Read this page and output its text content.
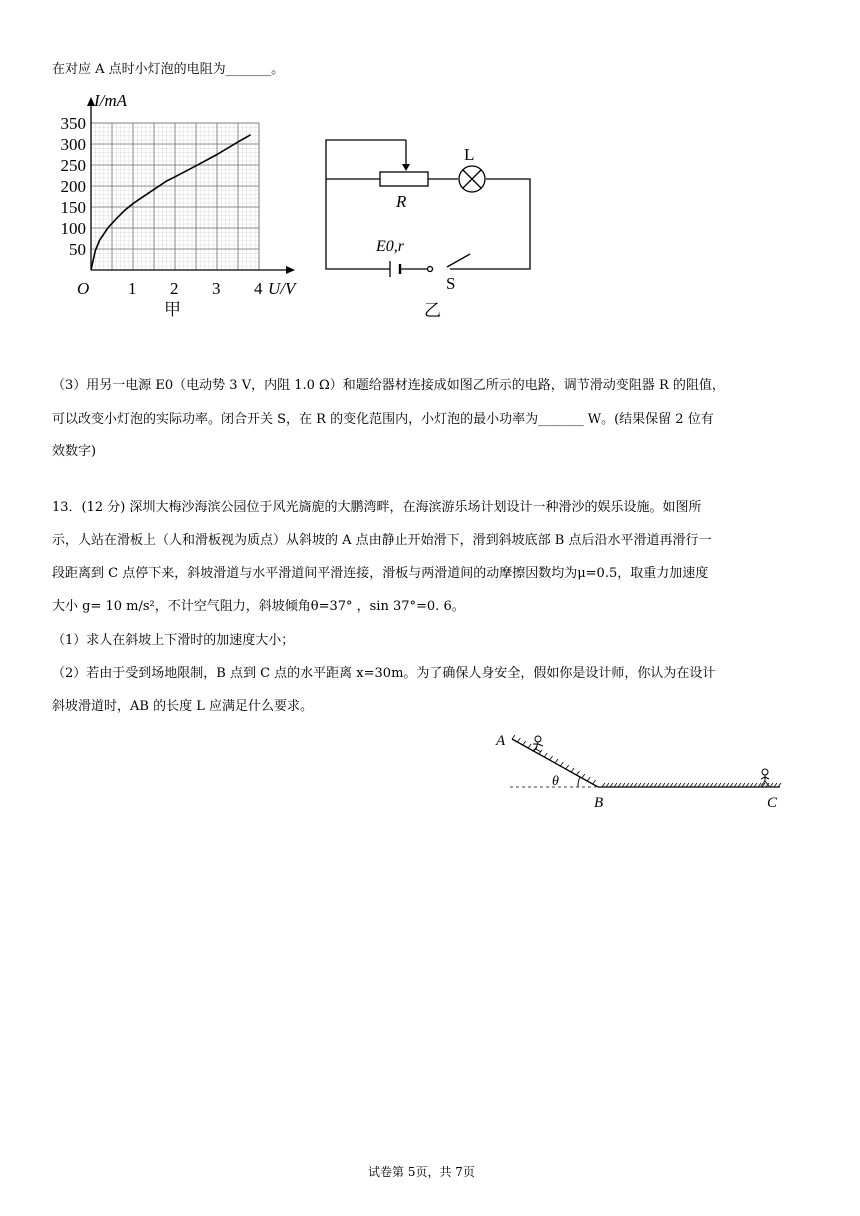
在对应 A 点时小灯泡的电阻为_______。
1 2 3 4
50
100
150
200
250
300
350
I/mA
U/V
O
甲
R
L
E0,r
S
乙
（3）用另一电源 E0（电动势 3 V，内阻 1.0 Ω）和题给器材连接成如图乙所示的电路，调节滑动变阻器 R 的阻值，
可以改变小灯泡的实际功率。闭合开关 S，在 R 的变化范围内，小灯泡的最小功率为_______ W。(结果保留 2 位有
效数字)
13．(12 分) 深圳大梅沙海滨公园位于风光旖旎的大鹏湾畔，在海滨游乐场计划设计一种滑沙的娱乐设施。如图所
示，人站在滑板上（人和滑板视为质点）从斜坡的 A 点由静止开始滑下，滑到斜坡底部 B 点后沿水平滑道再滑行一
段距离到 C 点停下来，斜坡滑道与水平滑道间平滑连接，滑板与两滑道间的动摩擦因数均为μ=0.5，取重力加速度
大小 g= 10 m/s²，不计空气阻力，斜坡倾角θ=37° ，sin 37°=0. 6。
（1）求人在斜坡上下滑时的加速度大小；
（2）若由于受到场地限制，B 点到 C 点的水平距离 x=30m。为了确保人身安全，假如你是设计师，你认为在设计
斜坡滑道时，AB 的长度 L 应满足什么要求。
A
B	C
θ
试卷第 5页，共 7页
